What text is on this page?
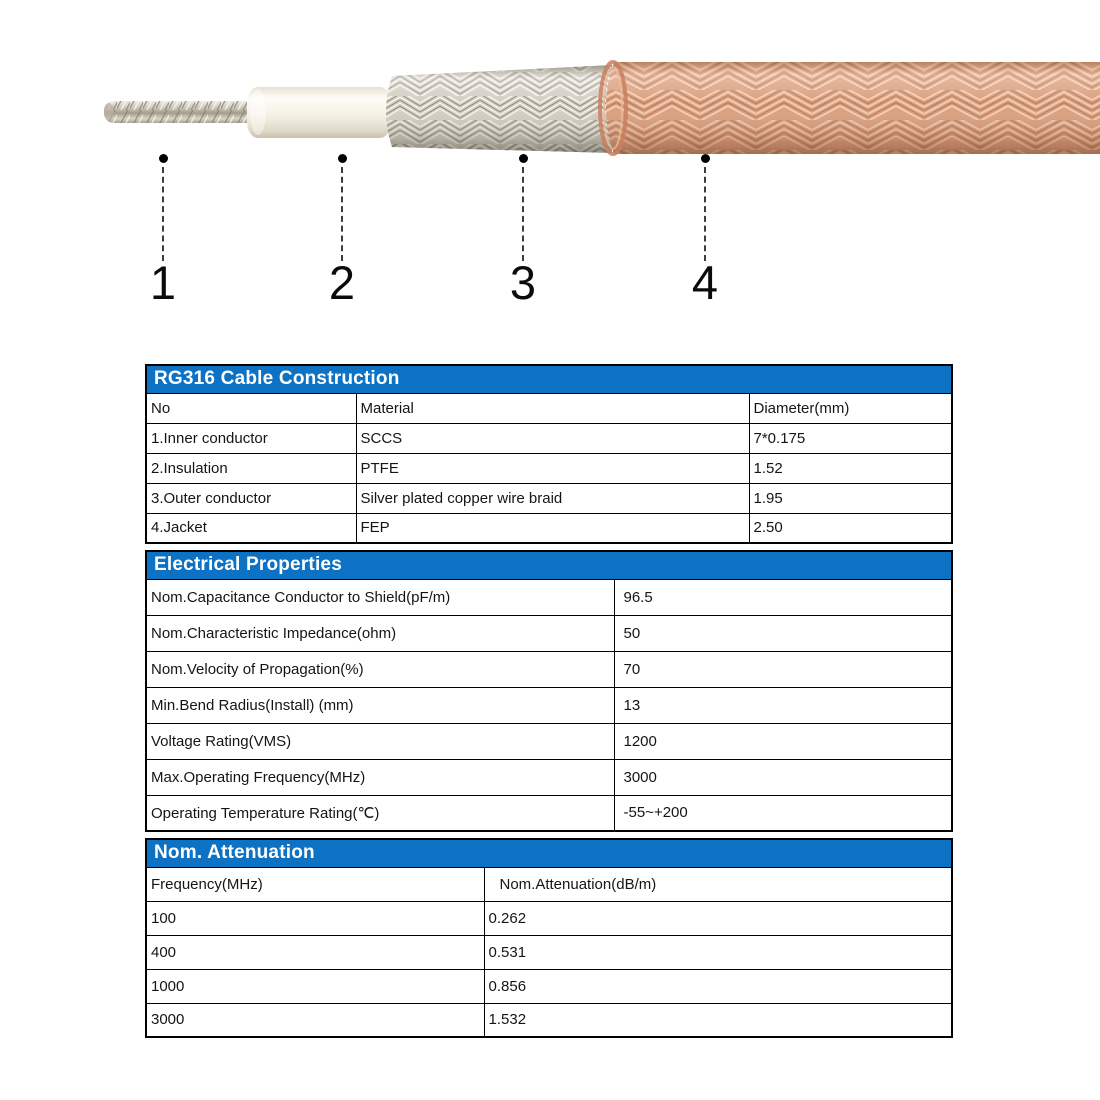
1	2	3	4
RG316 Cable Construction		
No	Material	Diameter(mm)
1.Inner conductor	SCCS	7*0.175
2.Insulation	PTFE	1.52
3.Outer conductor	Silver plated copper wire braid	1.95
4.Jacket	FEP	2.50
Electrical Properties	
Nom.Capacitance Conductor to Shield(pF/m)	96.5
Nom.Characteristic Impedance(ohm)	50
Nom.Velocity of Propagation(%)	70
Min.Bend Radius(Install) (mm)	13
Voltage Rating(VMS)	1200
Max.Operating Frequency(MHz)	3000
Operating Temperature Rating(℃)	-55~+200
Nom. Attenuation	
Frequency(MHz)	Nom.Attenuation(dB/m)
100	0.262
400	0.531
1000	0.856
3000	1.532
